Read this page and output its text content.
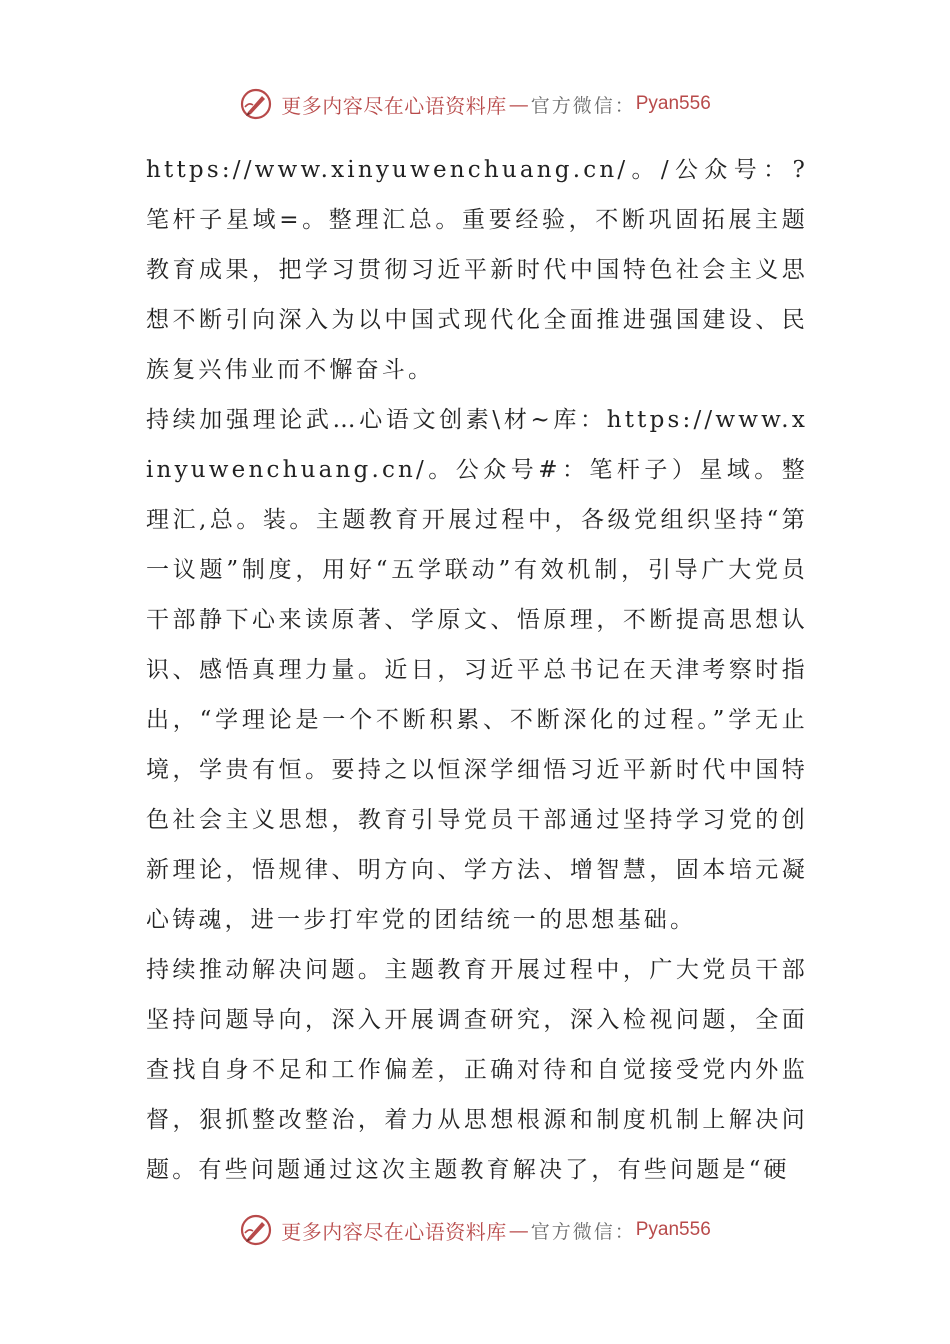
更多内容尽在心语资料库 — 官方微信： Pyan556

https://www.xinyuwenchuang.cn/。/公众号：?笔杆子星域=。整理汇总。重要经验，不断巩固拓展主题教育成果，把学习贯彻习近平新时代中国特色社会主义思想不断引向深入为以中国式现代化全面推进强国建设、民族复兴伟业而不懈奋斗。

持续加强理论武…心语文创素\材~库：https://www.xinyuwenchuang.cn/。公众号#：笔杆子）星域。整理汇,总。装。主题教育开展过程中，各级党组织坚持“第一议题”制度，用好“五学联动”有效机制，引导广大党员干部静下心来读原著、学原文、悟原理，不断提高思想认识、感悟真理力量。近日，习近平总书记在天津考察时指出，“学理论是一个不断积累、不断深化的过程。”学无止境，学贵有恒。要持之以恒深学细悟习近平新时代中国特色社会主义思想，教育引导党员干部通过坚持学习党的创新理论，悟规律、明方向、学方法、增智慧，固本培元凝心铸魂，进一步打牢党的团结统一的思想基础。

持续推动解决问题。主题教育开展过程中，广大党员干部坚持问题导向，深入开展调查研究，深入检视问题，全面查找自身不足和工作偏差，正确对待和自觉接受党内外监督，狠抓整改整治，着力从思想根源和制度机制上解决问题。有些问题通过这次主题教育解决了，有些问题是“硬

更多内容尽在心语资料库 — 官方微信： Pyan556
